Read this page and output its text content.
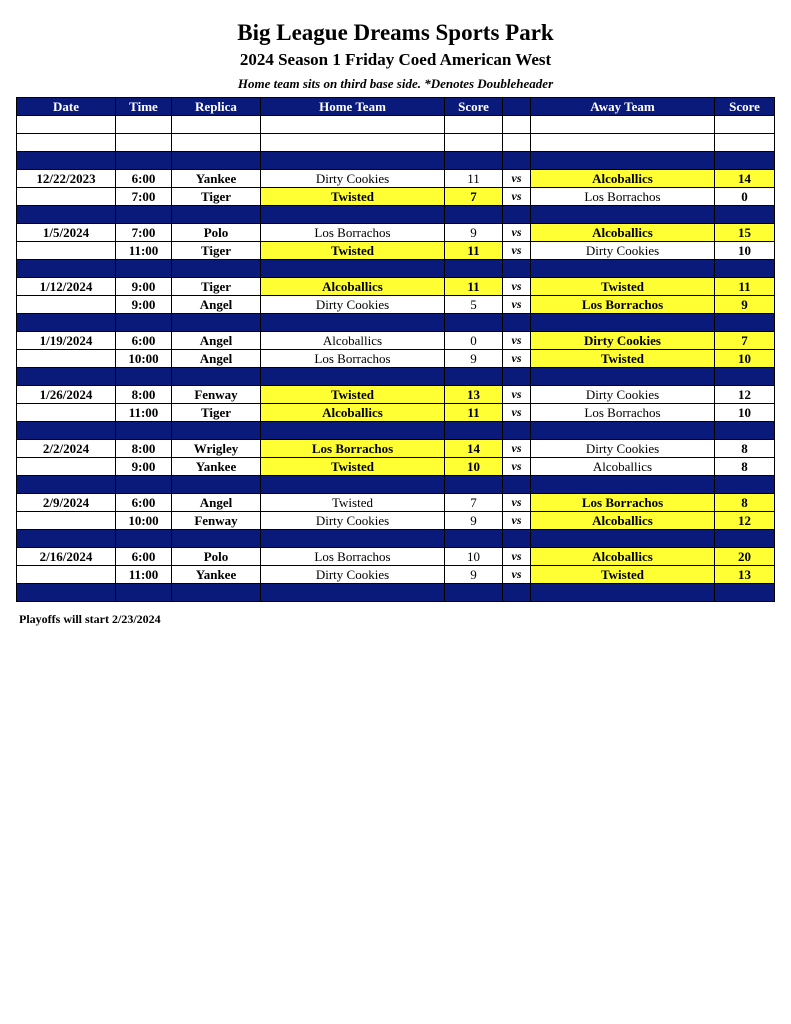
Big League Dreams Sports Park
2024 Season 1 Friday Coed American West

Home team sits on third base side. *Denotes Doubleheader

Date	Time	Replica	Home Team	Score		Away Team	Score

12/22/2023	6:00	Yankee	Dirty Cookies	11	vs	Alcoballics	14
	7:00	Tiger	Twisted	7	vs	Los Borrachos	0

1/5/2024	7:00	Polo	Los Borrachos	9	vs	Alcoballics	15
	11:00	Tiger	Twisted	11	vs	Dirty Cookies	10

1/12/2024	9:00	Tiger	Alcoballics	11	vs	Twisted	11
	9:00	Angel	Dirty Cookies	5	vs	Los Borrachos	9

1/19/2024	6:00	Angel	Alcoballics	0	vs	Dirty Cookies	7
	10:00	Angel	Los Borrachos	9	vs	Twisted	10

1/26/2024	8:00	Fenway	Twisted	13	vs	Dirty Cookies	12
	11:00	Tiger	Alcoballics	11	vs	Los Borrachos	10

2/2/2024	8:00	Wrigley	Los Borrachos	14	vs	Dirty Cookies	8
	9:00	Yankee	Twisted	10	vs	Alcoballics	8

2/9/2024	6:00	Angel	Twisted	7	vs	Los Borrachos	8
	10:00	Fenway	Dirty Cookies	9	vs	Alcoballics	12

2/16/2024	6:00	Polo	Los Borrachos	10	vs	Alcoballics	20
	11:00	Yankee	Dirty Cookies	9	vs	Twisted	13

Playoffs will start 2/23/2024
